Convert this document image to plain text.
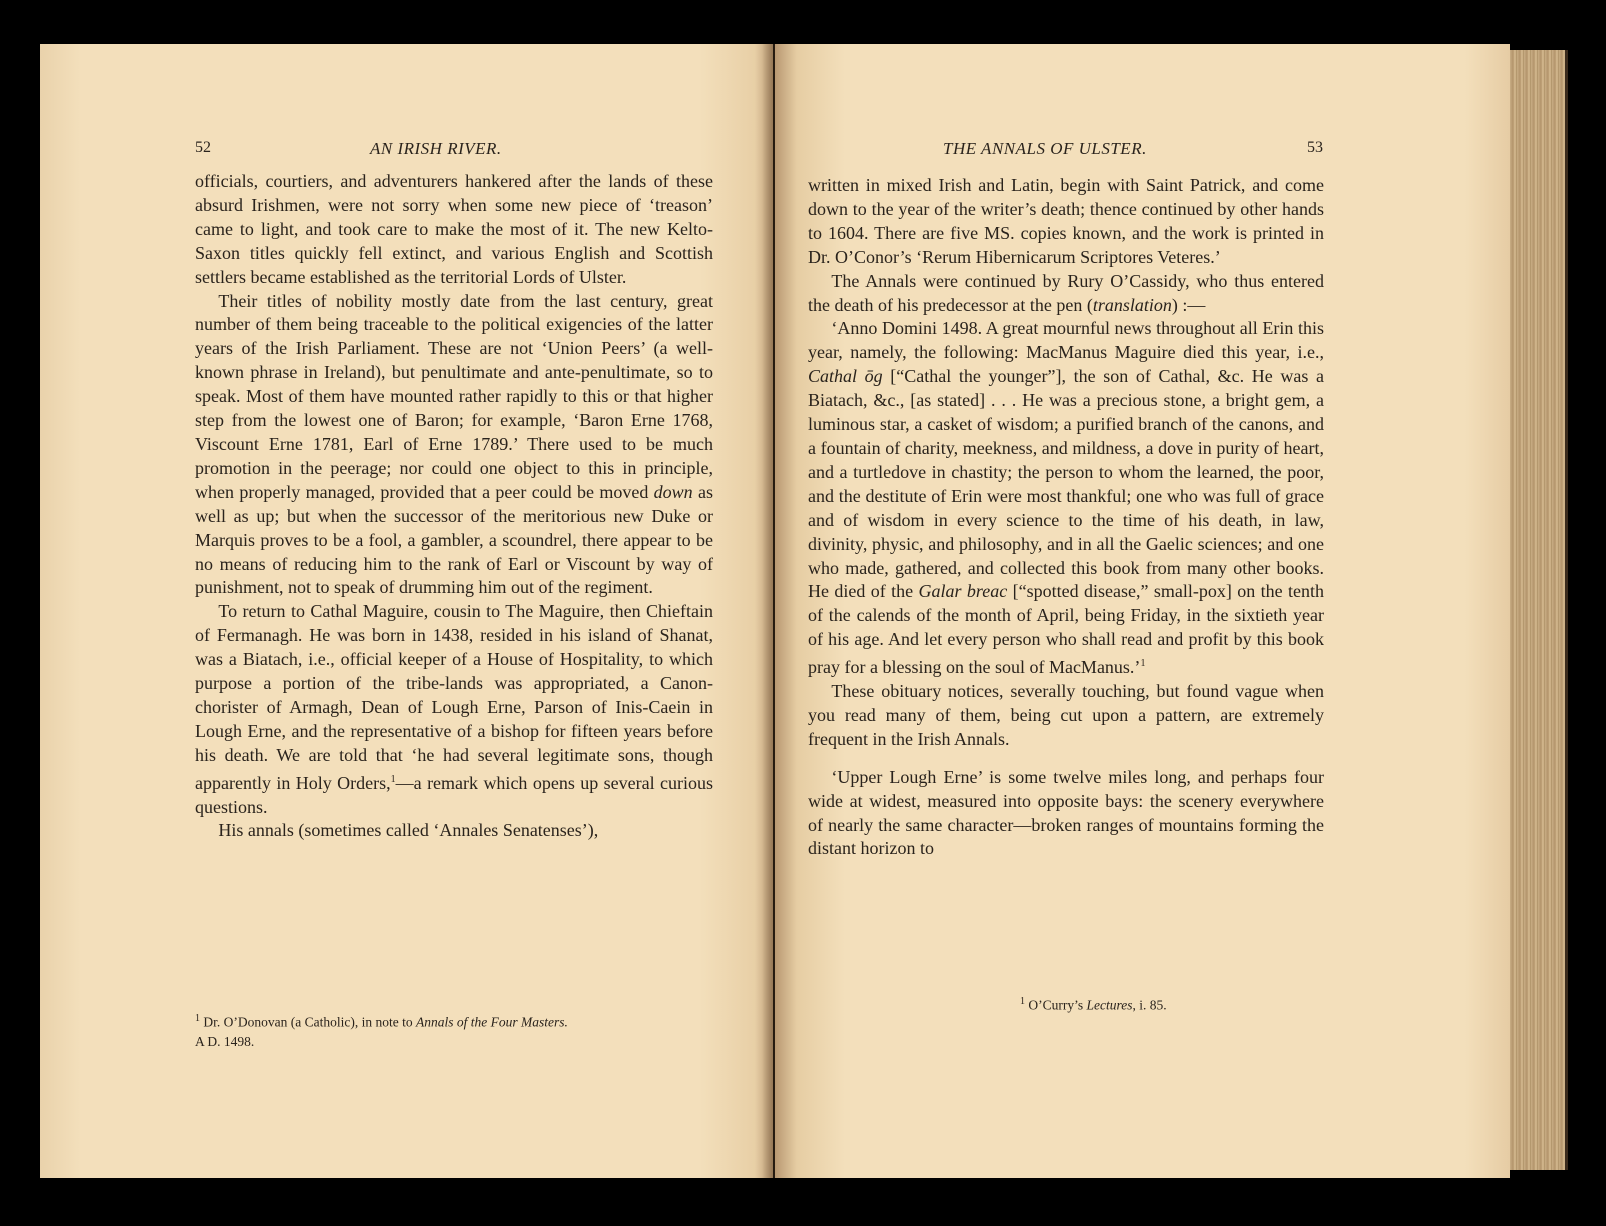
52	AN IRISH RIVER.

officials, courtiers, and adventurers hankered after the lands of these absurd Irishmen, were not sorry when some new piece of ‘treason’ came to light, and took care to make the most of it. The new Kelto-Saxon titles quickly fell extinct, and various English and Scottish settlers became established as the territorial Lords of Ulster.

Their titles of nobility mostly date from the last century, great number of them being traceable to the political exigencies of the latter years of the Irish Parliament. These are not ‘Union Peers’ (a well-known phrase in Ireland), but penultimate and ante-penultimate, so to speak. Most of them have mounted rather rapidly to this or that higher step from the lowest one of Baron; for example, ‘Baron Erne 1768, Viscount Erne 1781, Earl of Erne 1789.’ There used to be much promotion in the peerage; nor could one object to this in principle, when properly managed, provided that a peer could be moved down as well as up; but when the successor of the meritorious new Duke or Marquis proves to be a fool, a gambler, a scoundrel, there appear to be no means of reducing him to the rank of Earl or Viscount by way of punishment, not to speak of drumming him out of the regiment.

To return to Cathal Maguire, cousin to The Maguire, then Chieftain of Fermanagh. He was born in 1438, resided in his island of Shanat, was a Biatach, i.e., official keeper of a House of Hospitality, to which purpose a portion of the tribe-lands was appropriated, a Canon-chorister of Armagh, Dean of Lough Erne, Parson of Inis-Caein in Lough Erne, and the representative of a bishop for fifteen years before his death. We are told that ‘he had several legitimate sons, though apparently in Holy Orders,$^1$—a remark which opens up several curious questions.

His annals (sometimes called ‘Annales Senatenses’),

$^1$ Dr. O’Donovan (a Catholic), in note to Annals of the Four Masters.

A D. 1498.

THE ANNALS OF ULSTER.	53

written in mixed Irish and Latin, begin with Saint Patrick, and come down to the year of the writer’s death; thence continued by other hands to 1604. There are five MS. copies known, and the work is printed in Dr. O’Conor’s ‘Rerum Hibernicarum Scriptores Veteres.’

The Annals were continued by Rury O’Cassidy, who thus entered the death of his predecessor at the pen (translation) :—

‘Anno Domini 1498. A great mournful news throughout all Erin this year, namely, the following: MacManus Maguire died this year, i.e., Cathal ōg [“Cathal the younger”], the son of Cathal, &c. He was a Biatach, &c., [as stated] . . . He was a precious stone, a bright gem, a luminous star, a casket of wisdom; a purified branch of the canons, and a fountain of charity, meekness, and mildness, a dove in purity of heart, and a turtledove in chastity; the person to whom the learned, the poor, and the destitute of Erin were most thankful; one who was full of grace and of wisdom in every science to the time of his death, in law, divinity, physic, and philosophy, and in all the Gaelic sciences; and one who made, gathered, and collected this book from many other books. He died of the Galar breac [“spotted disease,” small-pox] on the tenth of the calends of the month of April, being Friday, in the sixtieth year of his age. And let every person who shall read and profit by this book pray for a blessing on the soul of MacManus.’$^1$

These obituary notices, severally touching, but found vague when you read many of them, being cut upon a pattern, are extremely frequent in the Irish Annals.

‘Upper Lough Erne’ is some twelve miles long, and perhaps four wide at widest, measured into opposite bays: the scenery everywhere of nearly the same character—broken ranges of mountains forming the distant horizon to

$^1$ O’Curry’s Lectures, i. 85.
